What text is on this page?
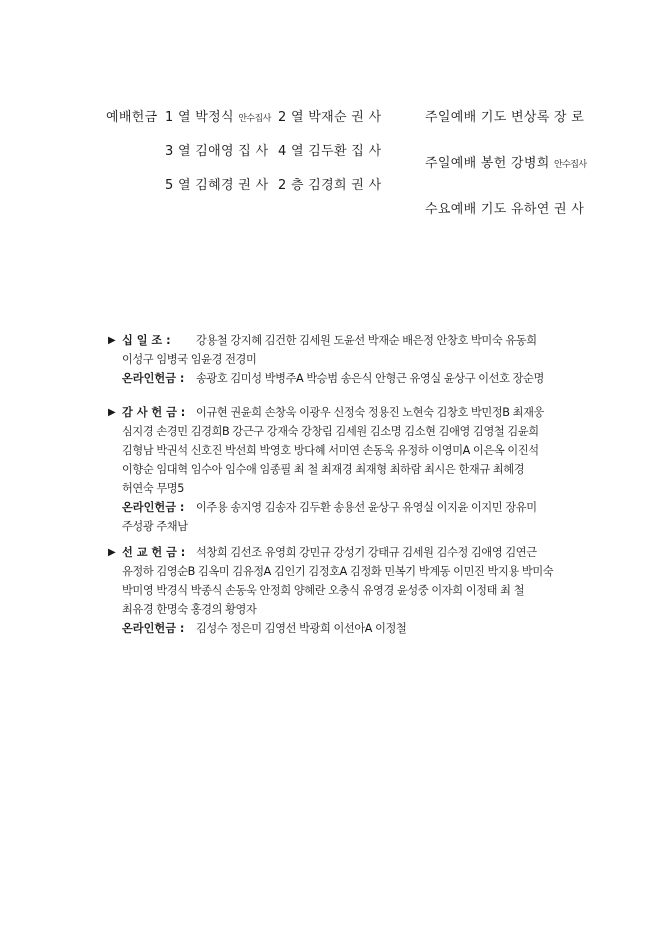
예배헌금 1 열 박정식 안수집사 2 열 박재순 권 사
3 열 김애영 집 사 4 열 김두환 집 사
5 열 김혜경 권 사 2 층 김경희 권 사
주일예배 기도 변상록 장 로
주일예배 봉헌 강병희 안수집사
수요예배 기도 유하연 권 사
▶ 십 일 조 :	강용철 강지혜 김건한 김세원 도윤선 박재순 배은정 안창호 박미숙 유동희
이성구 임병국 임윤경 전경미
온라인헌금 :	송광호 김미성 박병주A 박승범 송은식 안형근 유영실 윤상구 이선호 장순명
▶ 감 사 헌 금 : 이규현 권윤희 손창욱 이광우 신정숙 정용진 노현숙 김창호 박민정B 최재웅
심지경 손경민 김경희B 강근구 강재숙 강창림 김세원 김소명 김소현 김애영 김영철 김윤희
김형남 박권석 신호진 박선희 박영호 방다혜 서미연 손동욱 유정하 이영미A 이은옥 이진석
이향순 임대혁 임수아 임수애 임종필 최 철 최재경 최재형 최하람 최시은 한재규 최혜경
허연숙 무명5
온라인헌금 :	이주용 송지영 김송자 김두환 송용선 윤상구 유영실 이지윤 이지민 장유미
주성광 주채남
▶ 선 교 헌 금 : 석창희 김선조 유영희 강민규 강성기 강태규 김세원 김수정 김애영 김연근
유정하 김영순B 김옥미 김유정A 김인기 김정호A 김정화 민복기 박계동 이민진 박지용 박미숙
박미영 박경식 박종식 손동욱 안정희 양혜란 오충식 유영경 윤성중 이자희 이정태 최 철
최유경 한명숙 홍경의 황영자
온라인헌금 :	김성수 정은미 김영선 박광희 이선아A 이정철
